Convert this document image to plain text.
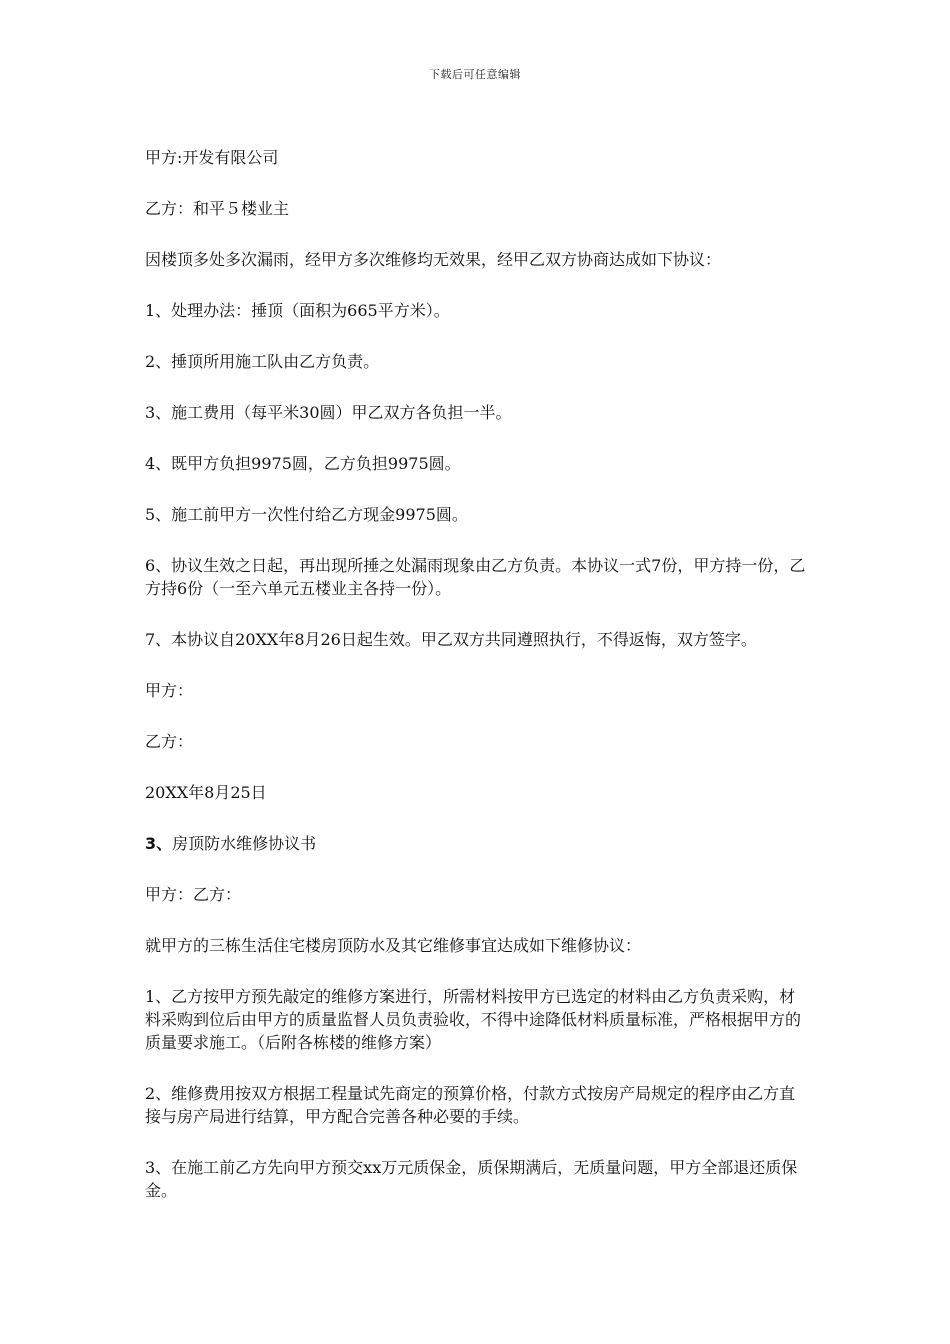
下载后可任意编辑

甲方:开发有限公司

乙方：和平５楼业主

因楼顶多处多次漏雨，经甲方多次维修均无效果，经甲乙双方协商达成如下协议：

1、处理办法：捶顶（面积为665平方米）。

2、捶顶所用施工队由乙方负责。

3、施工费用（每平米30圆）甲乙双方各负担一半。

4、既甲方负担9975圆，乙方负担9975圆。

5、施工前甲方一次性付给乙方现金9975圆。

6、协议生效之日起，再出现所捶之处漏雨现象由乙方负责。本协议一式7份，甲方持一份，乙方持6份（一至六单元五楼业主各持一份）。

7、本协议自20XX年8月26日起生效。甲乙双方共同遵照执行，不得返悔，双方签字。

甲方：

乙方：

20XX年8月25日

3、房顶防水维修协议书

甲方：乙方：

就甲方的三栋生活住宅楼房顶防水及其它维修事宜达成如下维修协议：

1、乙方按甲方预先敲定的维修方案进行，所需材料按甲方已选定的材料由乙方负责采购，材料采购到位后由甲方的质量监督人员负责验收，不得中途降低材料质量标准，严格根据甲方的质量要求施工。（后附各栋楼的维修方案）

2、维修费用按双方根据工程量试先商定的预算价格，付款方式按房产局规定的程序由乙方直接与房产局进行结算，甲方配合完善各种必要的手续。

3、在施工前乙方先向甲方预交xx万元质保金，质保期满后，无质量问题，甲方全部退还质保金。
